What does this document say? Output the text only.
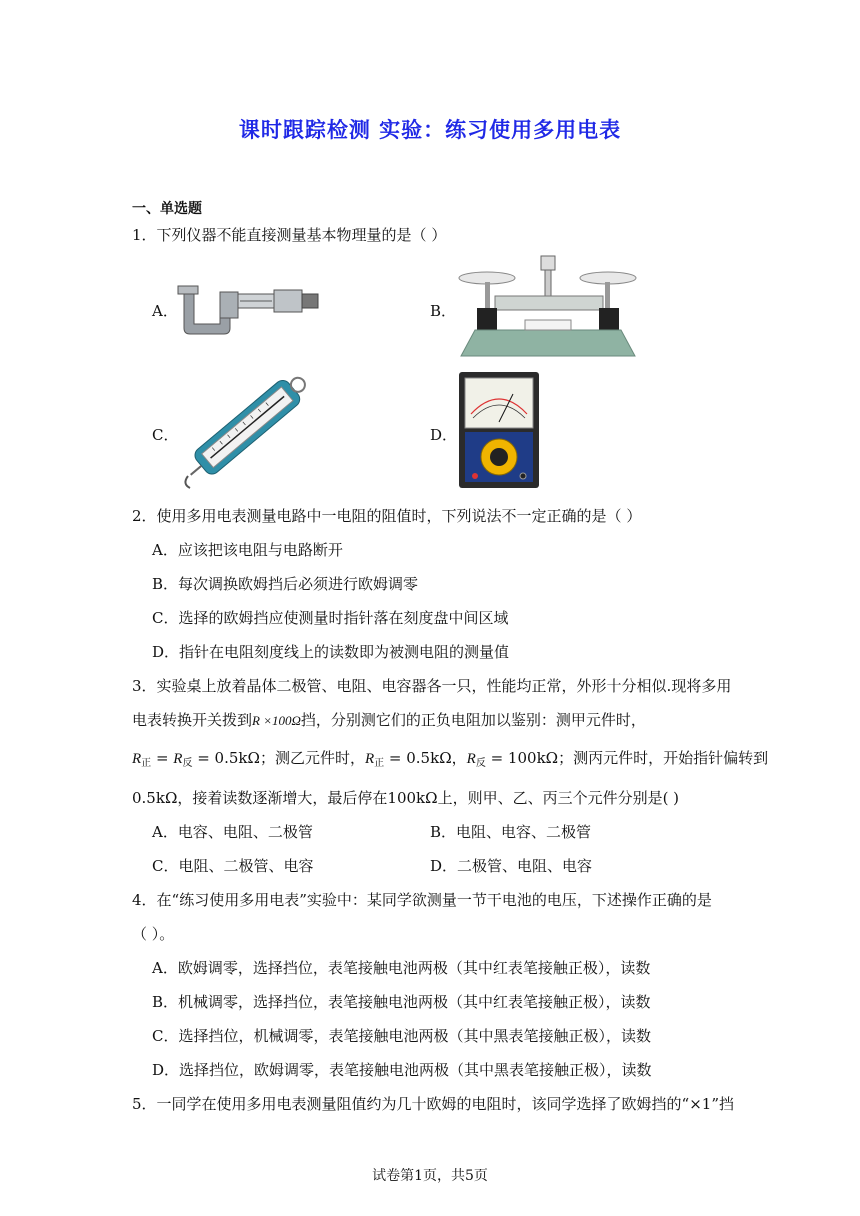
课时跟踪检测 实验：练习使用多用电表
一、单选题
1．下列仪器不能直接测量基本物理量的是（ ）
A．	B．
C．	D．
2．使用多用电表测量电路中一电阻的阻值时，下列说法不一定正确的是（ ）
A．应该把该电阻与电路断开
B．每次调换欧姆挡后必须进行欧姆调零
C．选择的欧姆挡应使测量时指针落在刻度盘中间区域
D．指针在电阻刻度线上的读数即为被测电阻的测量值
3．实验桌上放着晶体二极管、电阻、电容器各一只，性能均正常，外形十分相似.现将多用
电表转换开关拨到R ×100Ω挡，分别测它们的正负电阻加以鉴别：测甲元件时，
$R_正 = R_反 = 0.5k\Omega$；测乙元件时，$R_正 = 0.5k\Omega$，$R_反 = 100k\Omega$；测丙元件时，开始指针偏转到
0.5kΩ，接着读数逐渐增大，最后停在100kΩ上，则甲、乙、丙三个元件分别是( )
A．电容、电阻、二极管	B．电阻、电容、二极管
C．电阻、二极管、电容	D．二极管、电阻、电容
4．在“练习使用多用电表”实验中：某同学欲测量一节干电池的电压，下述操作正确的是
（ ）。
A．欧姆调零，选择挡位，表笔接触电池两极（其中红表笔接触正极），读数
B．机械调零，选择挡位，表笔接触电池两极（其中红表笔接触正极），读数
C．选择挡位，机械调零，表笔接触电池两极（其中黑表笔接触正极），读数
D．选择挡位，欧姆调零，表笔接触电池两极（其中黑表笔接触正极），读数
5．一同学在使用多用电表测量阻值约为几十欧姆的电阻时，该同学选择了欧姆挡的“×1”挡
试卷第1页，共5页
